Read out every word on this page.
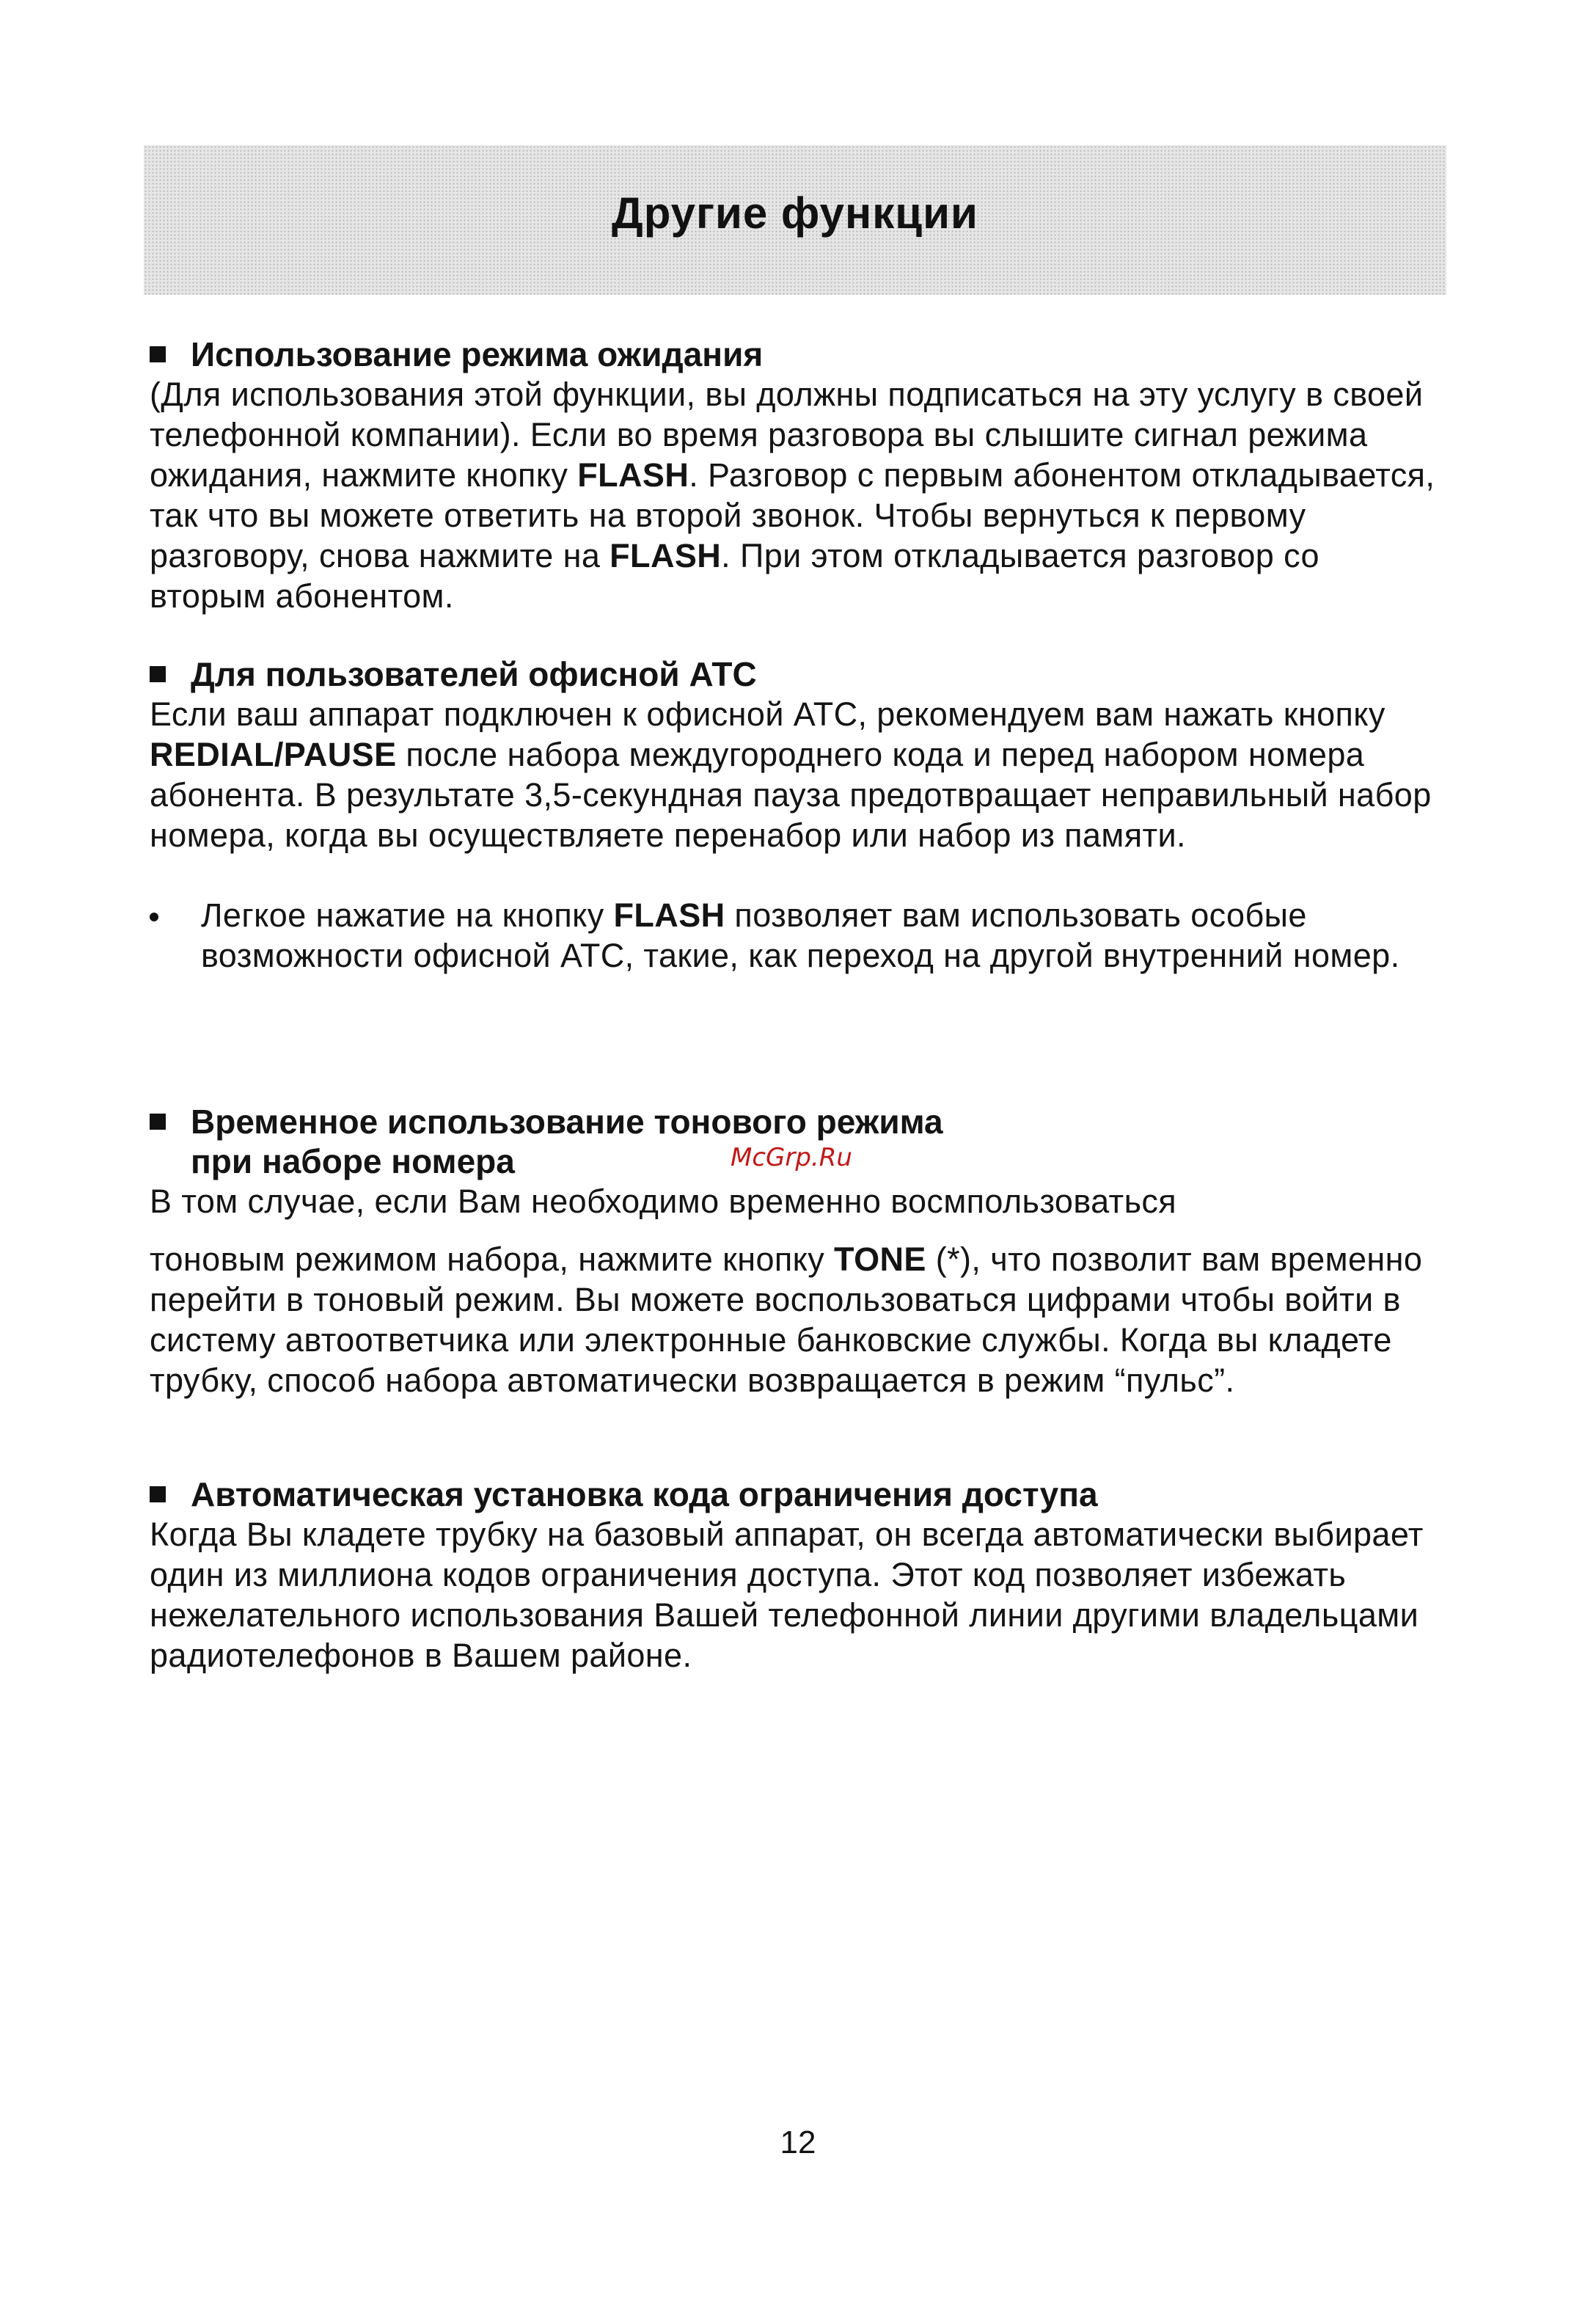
Другие функции
Использование режима ожидания

(Для использования этой функции, вы должны подписаться на эту услугу в своей телефонной компании). Если во время разговора вы слышите сигнал режима ожидания, нажмите кнопку FLASH. Разговор с первым абонентом откладывается, так что вы можете ответить на второй звонок. Чтобы вернуться к первому разговору, снова нажмите на FLASH. При этом откладывается разговор со вторым абонентом.

Для пользователей офисной АТС

Если ваш аппарат подключен к офисной АТС, рекомендуем вам нажать кнопку REDIAL/PAUSE после набора междугороднего кода и перед набором номера абонента. В результате 3,5-секундная пауза предотвращает неправильный набор номера, когда вы осуществляете перенабор или набор из памяти.

Легкое нажатие на кнопку FLASH позволяет вам использовать особые возможности офисной АТС, такие, как переход на другой внутренний номер.
Временное использование тонового режима
при наборе номера

В том случае, если Вам необходимо временно восмпользоваться

тоновым режимом набора, нажмите кнопку TONE (*), что позволит вам временно перейти в тоновый режим. Вы можете воспользоваться цифрами чтобы войти в систему автоответчика или электронные банковские службы. Когда вы кладете трубку, способ набора автоматически возвращается в режим “пульс”.

Автоматическая установка кода ограничения доступа

Когда Вы кладете трубку на базовый аппарат, он всегда автоматически выбирает один из миллиона кодов ограничения доступа. Этот код позволяет избежать нежелательного использования Вашей телефонной линии другими владельцами радиотелефонов в Вашем районе.

McGrp.Ru
12
